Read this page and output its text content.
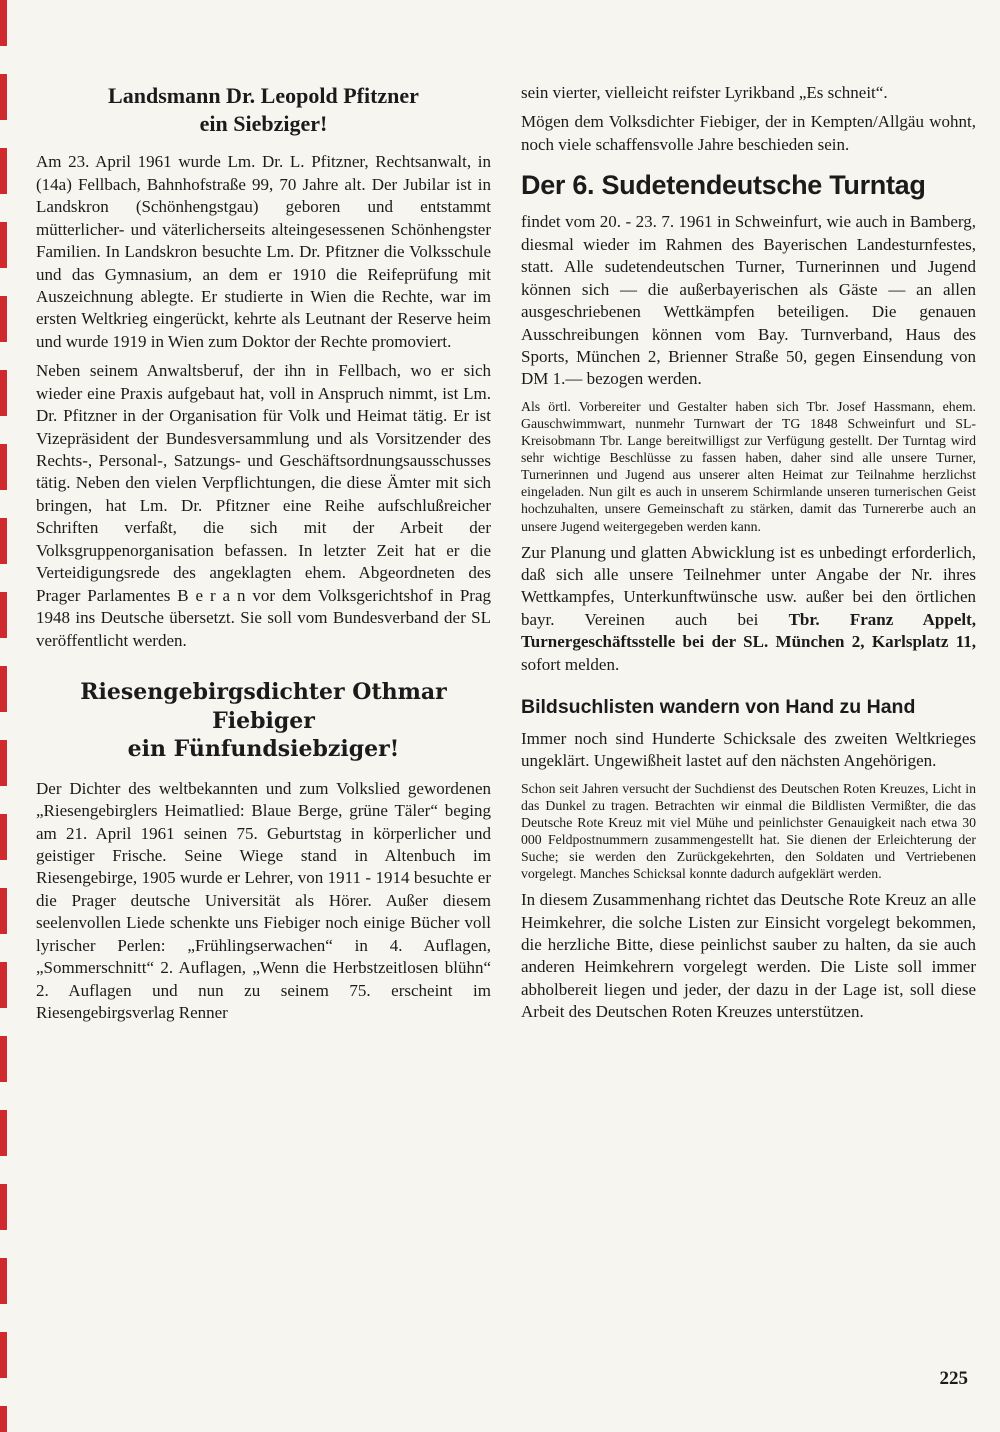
Landsmann Dr. Leopold Pfitzner
ein Siebziger!

Am 23. April 1961 wurde Lm. Dr. L. Pfitzner, Rechtsanwalt, in (14a) Fellbach, Bahnhofstraße 99, 70 Jahre alt. Der Jubilar ist in Landskron (Schönhengstgau) geboren und entstammt mütterlicher- und väterlicherseits alteingesessenen Schönhengster Familien. In Landskron besuchte Lm. Dr. Pfitzner die Volksschule und das Gymnasium, an dem er 1910 die Reifeprüfung mit Auszeichnung ablegte. Er studierte in Wien die Rechte, war im ersten Weltkrieg eingerückt, kehrte als Leutnant der Reserve heim und wurde 1919 in Wien zum Doktor der Rechte promoviert.

Neben seinem Anwaltsberuf, der ihn in Fellbach, wo er sich wieder eine Praxis aufgebaut hat, voll in Anspruch nimmt, ist Lm. Dr. Pfitzner in der Organisation für Volk und Heimat tätig. Er ist Vizepräsident der Bundesversammlung und als Vorsitzender des Rechts-, Personal-, Satzungs- und Geschäftsordnungsausschusses tätig. Neben den vielen Verpflichtungen, die diese Ämter mit sich bringen, hat Lm. Dr. Pfitzner eine Reihe aufschlußreicher Schriften verfaßt, die sich mit der Arbeit der Volksgruppenorganisation befassen. In letzter Zeit hat er die Verteidigungsrede des angeklagten ehem. Abgeordneten des Prager Parlamentes B e r a n vor dem Volksgerichtshof in Prag 1948 ins Deutsche übersetzt. Sie soll vom Bundesverband der SL veröffentlicht werden.

Riesengebirgsdichter Othmar Fiebiger
ein Fünfundsiebziger!

Der Dichter des weltbekannten und zum Volkslied gewordenen „Riesengebirglers Heimatlied: Blaue Berge, grüne Täler“ beging am 21. April 1961 seinen 75. Geburtstag in körperlicher und geistiger Frische. Seine Wiege stand in Altenbuch im Riesengebirge, 1905 wurde er Lehrer, von 1911 - 1914 besuchte er die Prager deutsche Universität als Hörer. Außer diesem seelenvollen Liede schenkte uns Fiebiger noch einige Bücher voll lyrischer Perlen: „Frühlingserwachen“ in 4. Auflagen, „Sommerschnitt“ 2. Auflagen, „Wenn die Herbstzeitlosen blühn“ 2. Auflagen und nun zu seinem 75. erscheint im Riesengebirgsverlag Renner

sein vierter, vielleicht reifster Lyrikband „Es schneit“.

Mögen dem Volksdichter Fiebiger, der in Kempten/Allgäu wohnt, noch viele schaffensvolle Jahre beschieden sein.

Der 6. Sudetendeutsche Turntag

findet vom 20. - 23. 7. 1961 in Schweinfurt, wie auch in Bamberg, diesmal wieder im Rahmen des Bayerischen Landesturnfestes, statt. Alle sudetendeutschen Turner, Turnerinnen und Jugend können sich — die außerbayerischen als Gäste — an allen ausgeschriebenen Wettkämpfen beteiligen. Die genauen Ausschreibungen können vom Bay. Turnverband, Haus des Sports, München 2, Brienner Straße 50, gegen Einsendung von DM 1.— bezogen werden.

Als örtl. Vorbereiter und Gestalter haben sich Tbr. Josef Hassmann, ehem. Gauschwimmwart, nunmehr Turnwart der TG 1848 Schweinfurt und SL-Kreisobmann Tbr. Lange bereitwilligst zur Verfügung gestellt. Der Turntag wird sehr wichtige Beschlüsse zu fassen haben, daher sind alle unsere Turner, Turnerinnen und Jugend aus unserer alten Heimat zur Teilnahme herzlichst eingeladen. Nun gilt es auch in unserem Schirmlande unseren turnerischen Geist hochzuhalten, unsere Gemeinschaft zu stärken, damit das Turnererbe auch an unsere Jugend weitergegeben werden kann.

Zur Planung und glatten Abwicklung ist es unbedingt erforderlich, daß sich alle unsere Teilnehmer unter Angabe der Nr. ihres Wettkampfes, Unterkunftwünsche usw. außer bei den örtlichen bayr. Vereinen auch bei Tbr. Franz Appelt, Turnergeschäftsstelle bei der SL. München 2, Karlsplatz 11, sofort melden.

Bildsuchlisten wandern von Hand zu Hand

Immer noch sind Hunderte Schicksale des zweiten Weltkrieges ungeklärt. Ungewißheit lastet auf den nächsten Angehörigen.

Schon seit Jahren versucht der Suchdienst des Deutschen Roten Kreuzes, Licht in das Dunkel zu tragen. Betrachten wir einmal die Bildlisten Vermißter, die das Deutsche Rote Kreuz mit viel Mühe und peinlichster Genauigkeit nach etwa 30 000 Feldpostnummern zusammengestellt hat. Sie dienen der Erleichterung der Suche; sie werden den Zurückgekehrten, den Soldaten und Vertriebenen vorgelegt. Manches Schicksal konnte dadurch aufgeklärt werden.

In diesem Zusammenhang richtet das Deutsche Rote Kreuz an alle Heimkehrer, die solche Listen zur Einsicht vorgelegt bekommen, die herzliche Bitte, diese peinlichst sauber zu halten, da sie auch anderen Heimkehrern vorgelegt werden. Die Liste soll immer abholbereit liegen und jeder, der dazu in der Lage ist, soll diese Arbeit des Deutschen Roten Kreuzes unterstützen.

225
